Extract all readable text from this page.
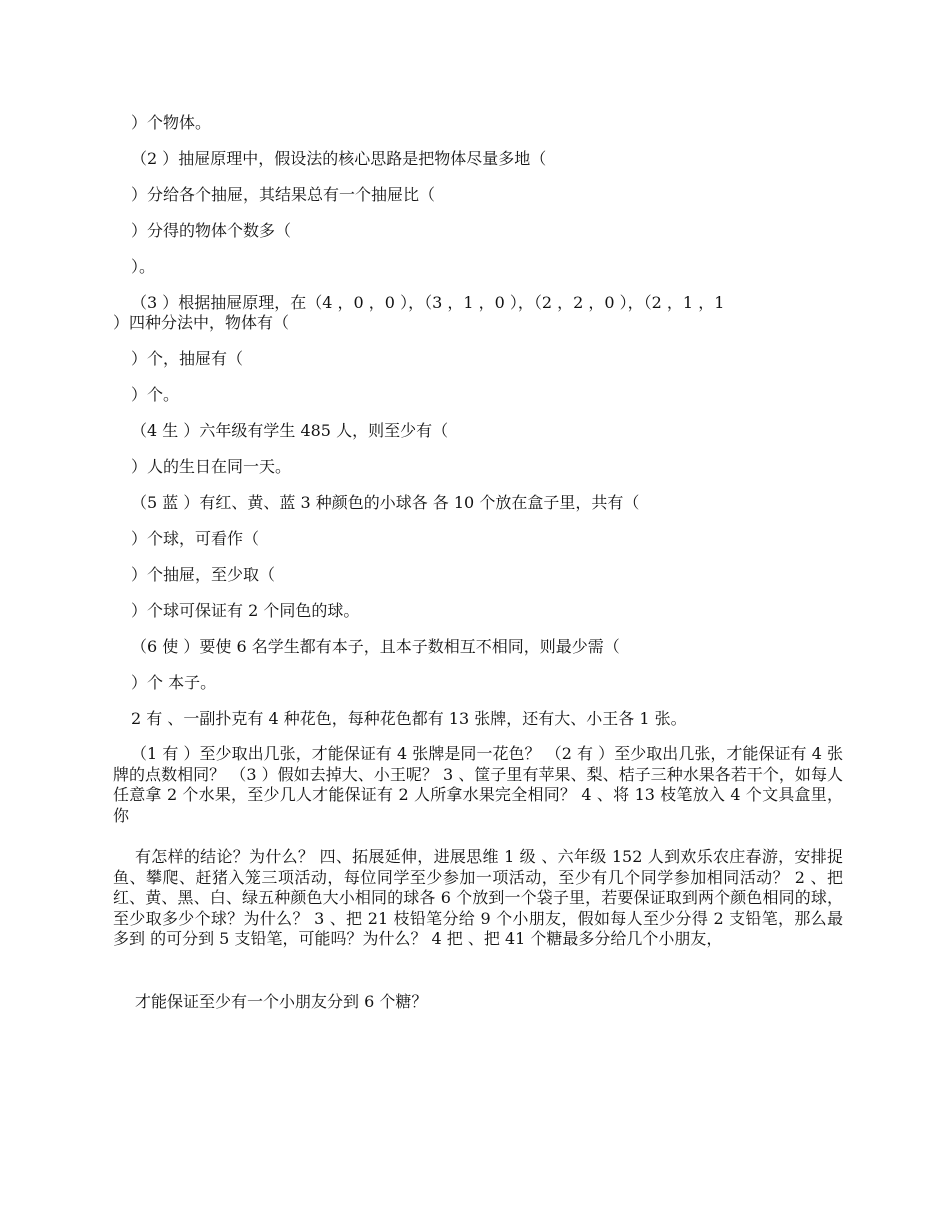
）个物体。

（2 ）抽屉原理中，假设法的核心思路是把物体尽量多地（

）分给各个抽屉，其结果总有一个抽屉比（

）分得的物体个数多（

）。

（3 ）根据抽屉原理，在（4 ，0 ，0 ），（3 ，1 ，0 ），（2 ，2 ，0 ），（2 ，1 ，1

）四种分法中，物体有（

）个，抽屉有（

）个。

（4 生 ）六年级有学生 485 人，则至少有（

）人的生日在同一天。

（5 蓝 ）有红、黄、蓝 3 种颜色的小球各 各 10 个放在盒子里，共有（

）个球，可看作（

）个抽屉，至少取（

）个球可保证有 2 个同色的球。

（6 使 ）要使 6 名学生都有本子，且本子数相互不相同，则最少需（

）个 本子。

2 有 、一副扑克有 4 种花色，每种花色都有 13 张牌，还有大、小王各 1 张。

（1 有 ）至少取出几张，才能保证有 4 张牌是同一花色？ （2 有 ）至少取出几张，才能保证有 4 张牌的点数相同？ （3 ）假如去掉大、小王呢？ 3 、筐子里有苹果、梨、桔子三种水果各若干个，如每人任意拿 2 个水果，至少几人才能保证有 2 人所拿水果完全相同？ 4 、将 13 枝笔放入 4 个文具盒里，你

有怎样的结论？为什么？ 四、拓展延伸，进展思维 1 级 、六年级 152 人到欢乐农庄春游，安排捉鱼、攀爬、赶猪入笼三项活动，每位同学至少参加一项活动，至少有几个同学参加相同活动？ 2 、把红、黄、黑、白、绿五种颜色大小相同的球各 6 个放到一个袋子里，若要保证取到两个颜色相同的球，至少取多少个球？为什么？ 3 、把 21 枝铅笔分给 9 个小朋友，假如每人至少分得 2 支铅笔，那么最多到 的可分到 5 支铅笔，可能吗？为什么？ 4 把 、把 41 个糖最多分给几个小朋友，

才能保证至少有一个小朋友分到 6 个糖？
